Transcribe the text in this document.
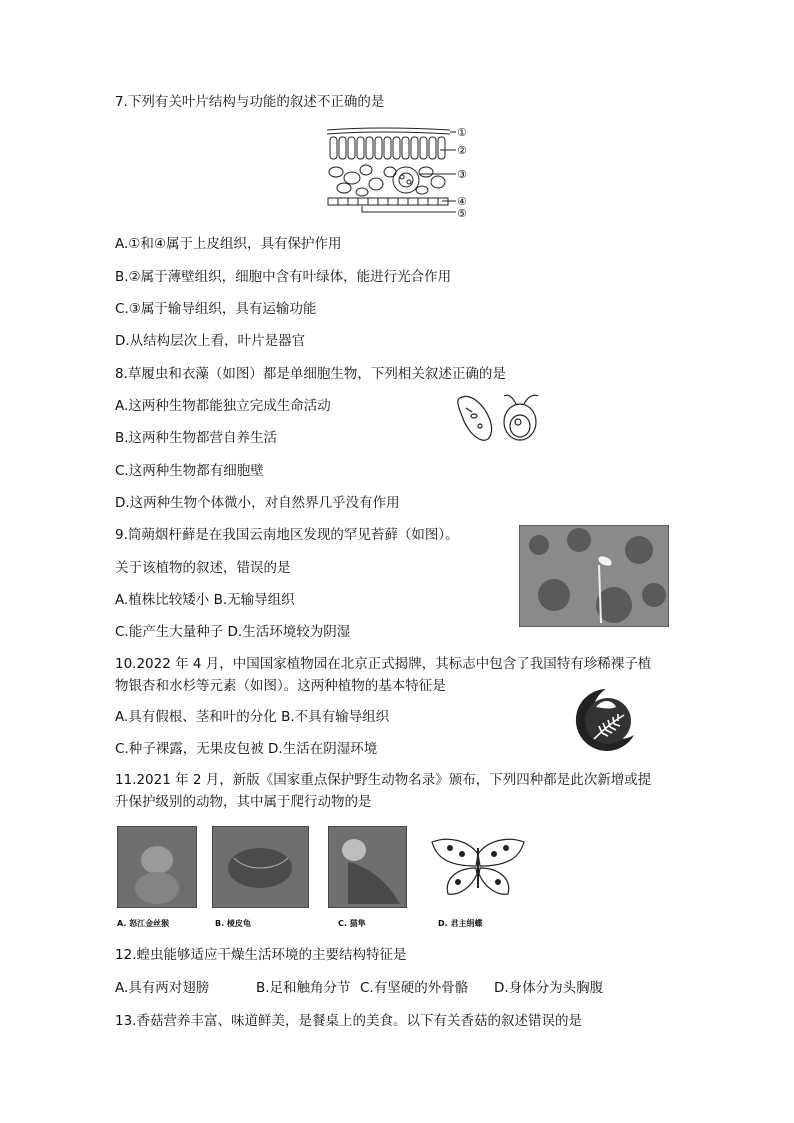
7.下列有关叶片结构与功能的叙述不正确的是
①
②
③
④
⑤
A.①和④属于上皮组织，具有保护作用
B.②属于薄壁组织，细胞中含有叶绿体，能进行光合作用
C.③属于输导组织，具有运输功能
D.从结构层次上看，叶片是器官
8.草履虫和衣藻（如图）都是单细胞生物，下列相关叙述正确的是
A.这两种生物都能独立完成生命活动
B.这两种生物都营自养生活
C.这两种生物都有细胞壁
D.这两种生物个体微小，对自然界几乎没有作用
9.筒蒴烟杆藓是在我国云南地区发现的罕见苔藓（如图）。
关于该植物的叙述，错误的是
A.植株比较矮小 B.无输导组织
C.能产生大量种子 D.生活环境较为阴湿
10.2022 年 4 月，中国国家植物园在北京正式揭牌，其标志中包含了我国特有珍稀裸子植
物银杏和水杉等元素（如图）。这两种植物的基本特征是
A.具有假根、茎和叶的分化 B.不具有输导组织
C.种子裸露，无果皮包被 D.生活在阴湿环境
11.2021 年 2 月，新版《国家重点保护野生动物名录》颁布，下列四种都是此次新增或提
升保护级别的动物，其中属于爬行动物的是
A. 怒江金丝猴	B. 棱皮龟	C. 猫隼	D. 君主绢蝶
12.蝗虫能够适应干燥生活环境的主要结构特征是
A.具有两对翅膀	B.足和触角分节 C.有坚硬的外骨骼 D.身体分为头胸腹
13.香菇营养丰富、味道鲜美，是餐桌上的美食。以下有关香菇的叙述错误的是
